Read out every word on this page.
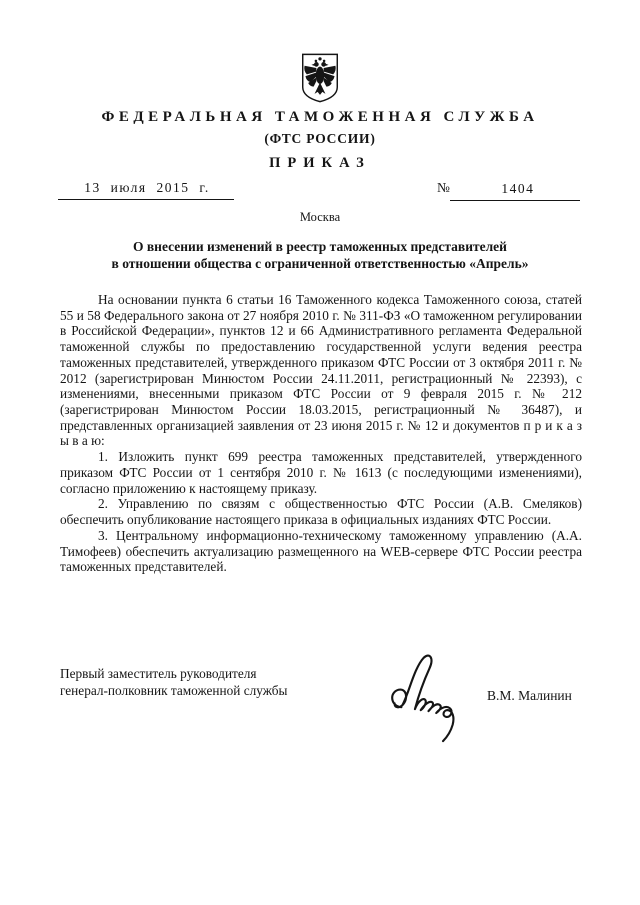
ФЕДЕРАЛЬНАЯ ТАМОЖЕННАЯ СЛУЖБА
(ФТС РОССИИ)
ПРИКАЗ
13 июля 2015 г.	№	1404
Москва
О внесении изменений в реестр таможенных представителей
в отношении общества с ограниченной ответственностью «Апрель»

На основании пункта 6 статьи 16 Таможенного кодекса Таможенного союза, статей 55 и 58 Федерального закона от 27 ноября 2010 г. № 311-ФЗ «О таможенном регулировании в Российской Федерации», пунктов 12 и 66 Административного регламента Федеральной таможенной службы по предоставлению государственной услуги ведения реестра таможенных представителей, утвержденного приказом ФТС России от 3 октября 2011 г. № 2012 (зарегистрирован Минюстом России 24.11.2011, регистрационный № 22393), с изменениями, внесенными приказом ФТС России от 9 февраля 2015 г. № 212 (зарегистрирован Минюстом России 18.03.2015, регистрационный № 36487), и представленных организацией заявления от 23 июня 2015 г. № 12 и документов п р и к а з ы в а ю:

1. Изложить пункт 699 реестра таможенных представителей, утвержденного приказом ФТС России от 1 сентября 2010 г. № 1613 (с последующими изменениями), согласно приложению к настоящему приказу.

2. Управлению по связям с общественностью ФТС России (А.В. Смеляков) обеспечить опубликование настоящего приказа в официальных изданиях ФТС России.

3. Центральному информационно-техническому таможенному управлению (А.А. Тимофеев) обеспечить актуализацию размещенного на WEB-сервере ФТС России реестра таможенных представителей.

Первый заместитель руководителя
генерал-полковник таможенной службы	В.М. Малинин
